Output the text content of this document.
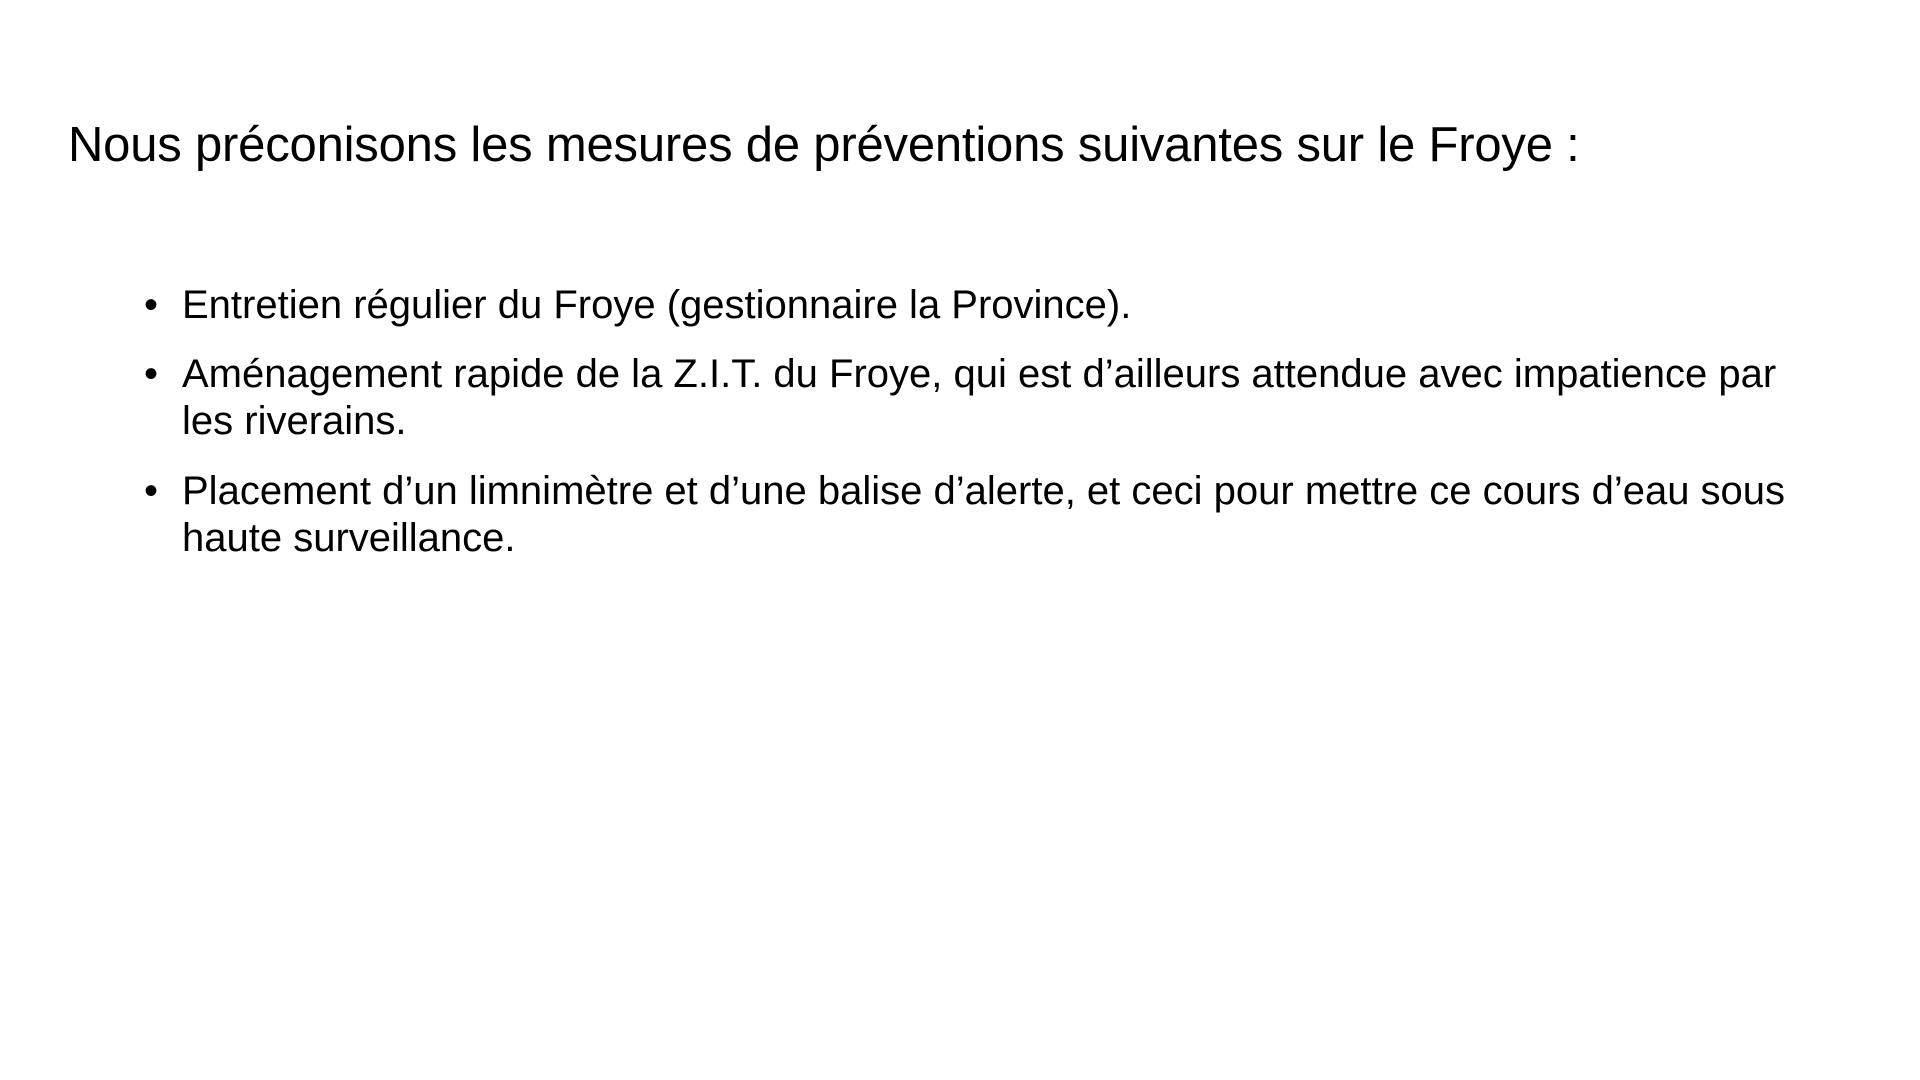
Nous préconisons les mesures de préventions suivantes sur le Froye :
• Entretien régulier du Froye (gestionnaire la Province).
• Aménagement rapide de la Z.I.T. du Froye, qui est d’ailleurs attendue avec impatience par les riverains.
• Placement d’un limnimètre et d’une balise d’alerte, et ceci pour mettre ce cours d’eau sous haute surveillance.
